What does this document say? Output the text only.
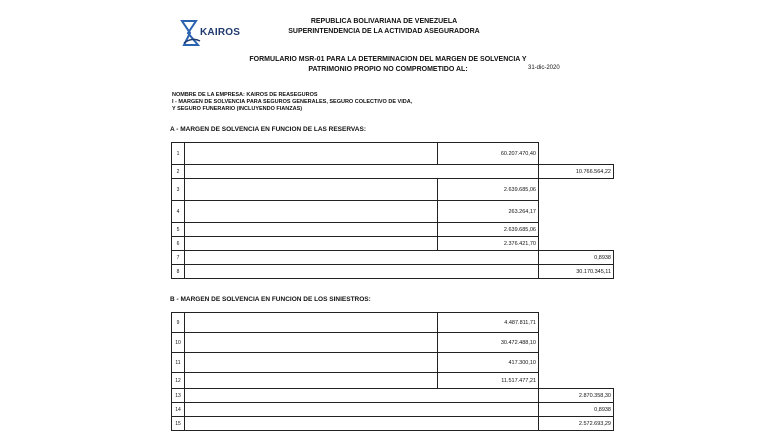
KAIROS
REPUBLICA BOLIVARIANA DE VENEZUELA
SUPERINTENDENCIA DE LA ACTIVIDAD ASEGURADORA
FORMULARIO MSR-01 PARA LA DETERMINACION DEL MARGEN DE SOLVENCIA Y PATRIMONIO PROPIO NO COMPROMETIDO AL:	31-dic-2020
NOMBRE DE LA EMPRESA: KAIROS DE REASEGUROS
I - MARGEN DE SOLVENCIA PARA SEGUROS GENERALES, SEGURO COLECTIVO DE VIDA,
Y SEGURO FUNERARIO (INCLUYENDO FIANZAS)
A - MARGEN DE SOLVENCIA EN FUNCION DE LAS RESERVAS:
1		60.207.470,40	
2			10.766.564,22
3		2.639.685,06	
4		263.264,17	
5		2.639.685,06	
6		2.376.421,70	
7			0,8938
8			30.170.345,11
B - MARGEN DE SOLVENCIA EN FUNCION DE LOS SINIESTROS:
9		4.487.811,71	
10		30.472.488,10	
11		417.300,10	
12		11.517.477,21	
13			2.870.358,30
14			0,8938
15			2.572.693,29
